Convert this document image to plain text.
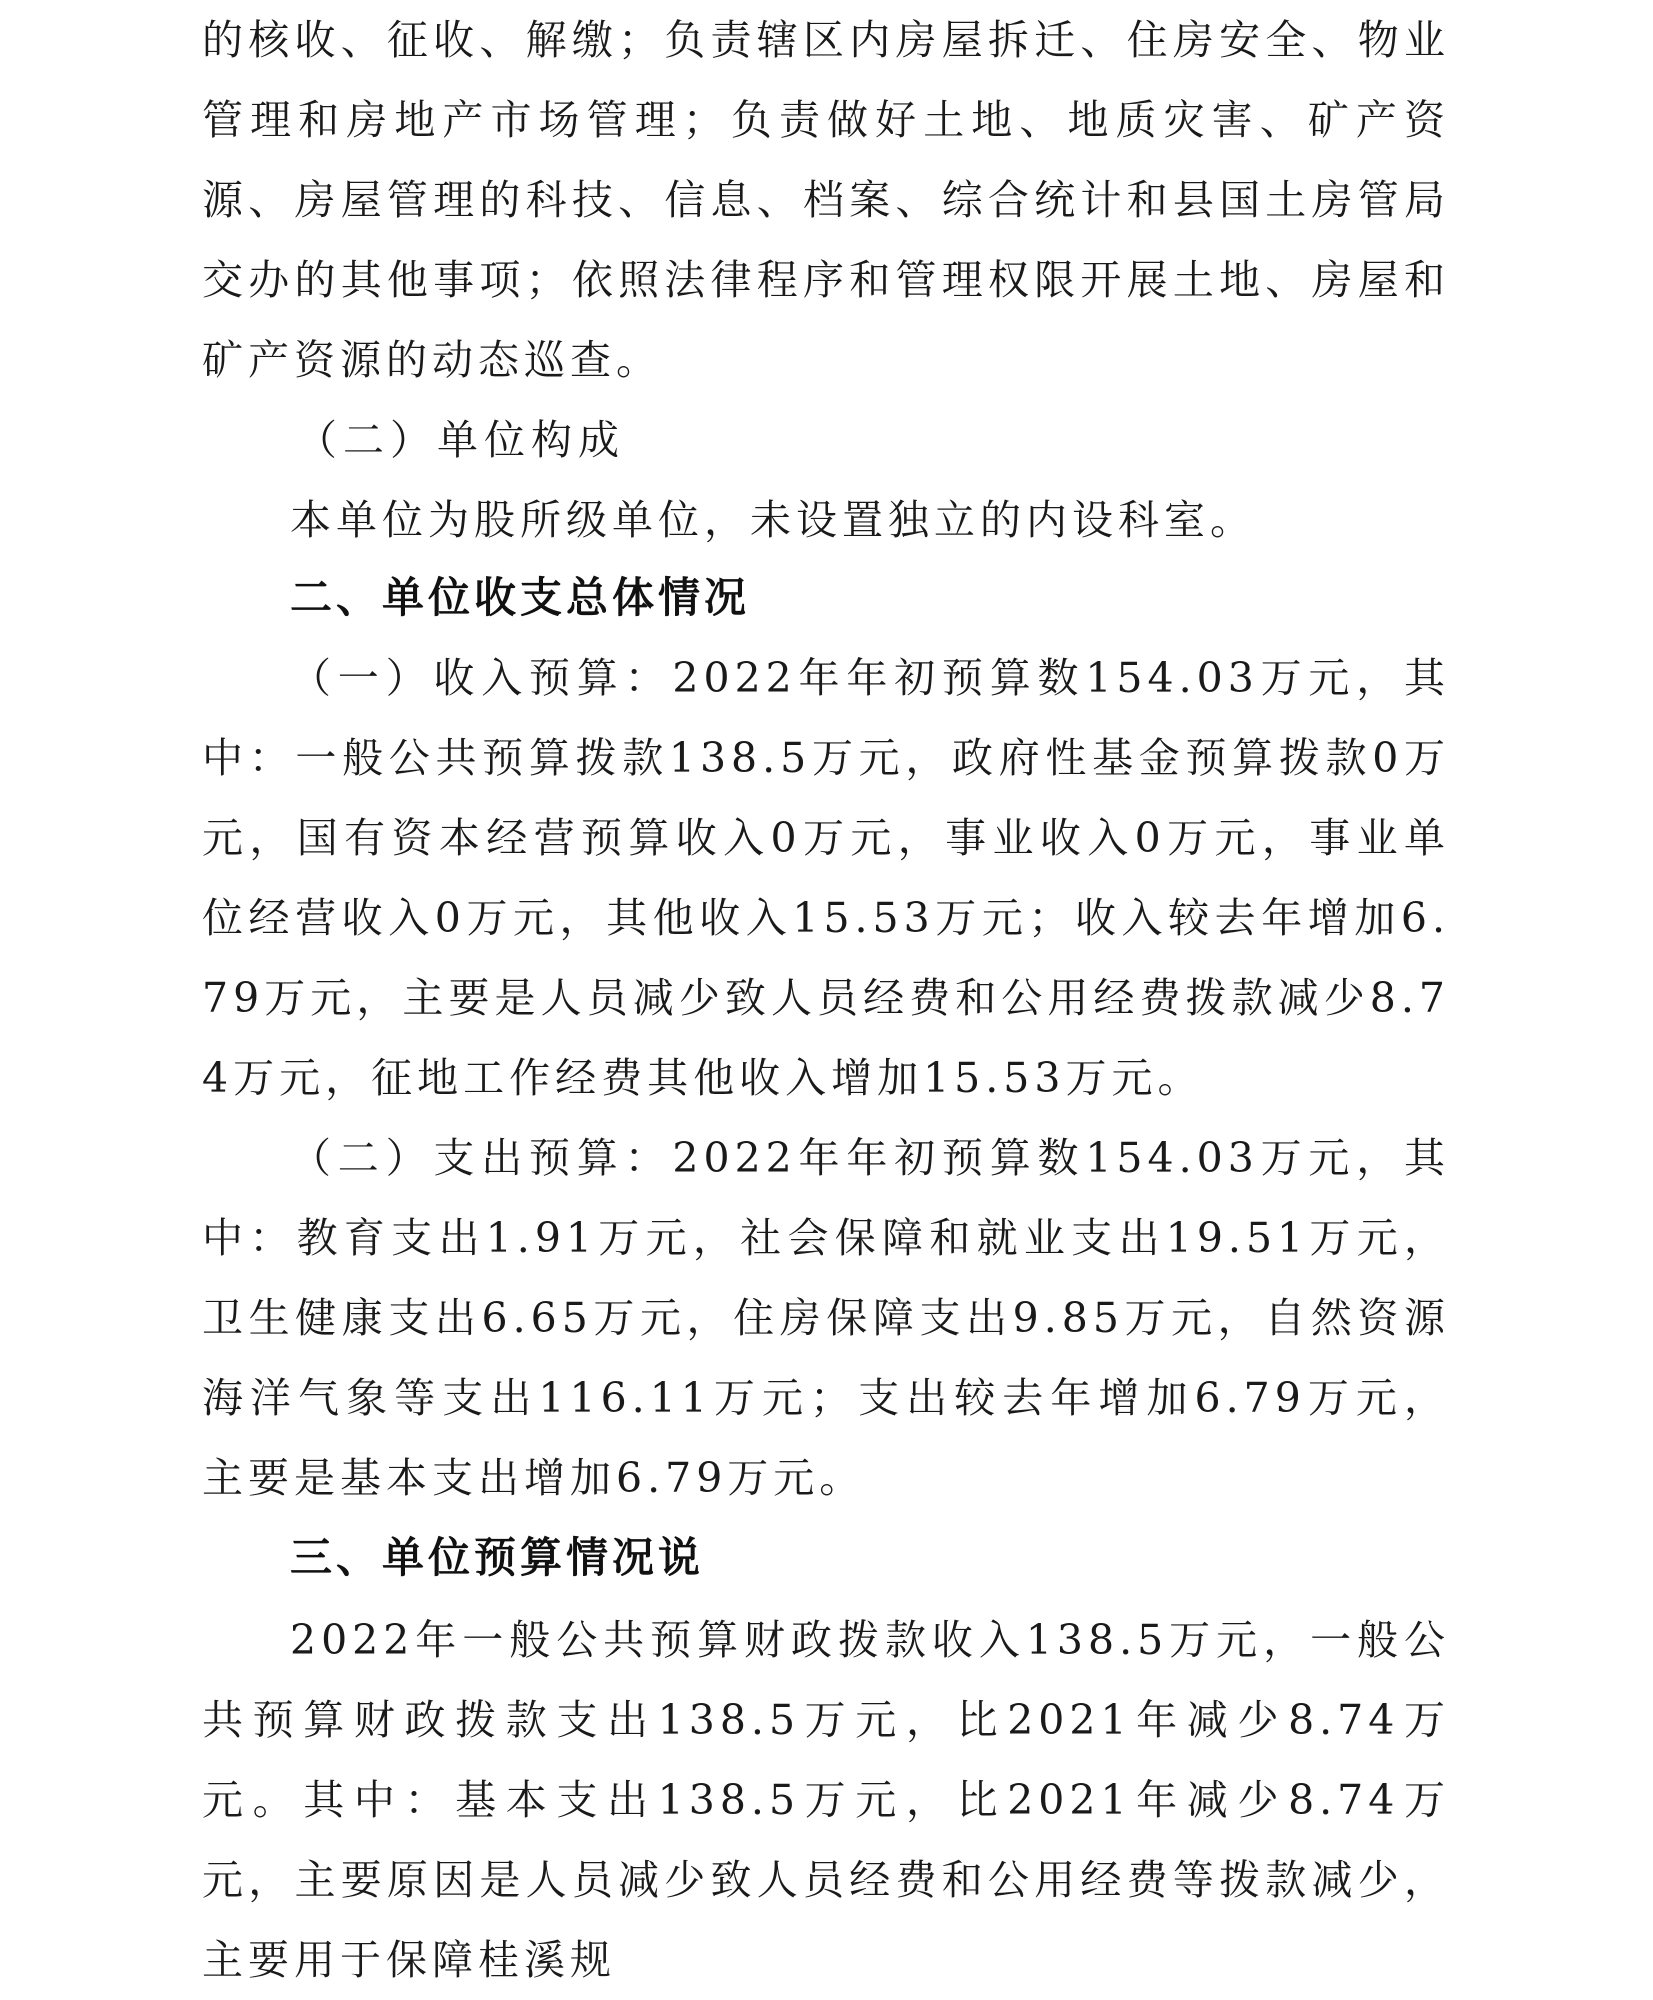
的核收、征收、解缴；负责辖区内房屋拆迁、住房安全、物业管理和房地产市场管理；负责做好土地、地质灾害、矿产资源、房屋管理的科技、信息、档案、综合统计和县国土房管局交办的其他事项；依照法律程序和管理权限开展土地、房屋和矿产资源的动态巡查。

（二）单位构成

本单位为股所级单位，未设置独立的内设科室。

二、单位收支总体情况

（一）收入预算：2022年年初预算数154.03万元，其中：一般公共预算拨款138.5万元，政府性基金预算拨款0万元，国有资本经营预算收入0万元，事业收入0万元，事业单位经营收入0万元，其他收入15.53万元；收入较去年增加6.79万元，主要是人员减少致人员经费和公用经费拨款减少8.74万元，征地工作经费其他收入增加15.53万元。

（二）支出预算：2022年年初预算数154.03万元，其中：教育支出1.91万元，社会保障和就业支出19.51万元，卫生健康支出6.65万元，住房保障支出9.85万元，自然资源海洋气象等支出116.11万元；支出较去年增加6.79万元，主要是基本支出增加6.79万元。

三、单位预算情况说

2022年一般公共预算财政拨款收入138.5万元，一般公共预算财政拨款支出138.5万元，比2021年减少8.74万元。其中：基本支出138.5万元，比2021年减少8.74万元，主要原因是人员减少致人员经费和公用经费等拨款减少，主要用于保障桂溪规
